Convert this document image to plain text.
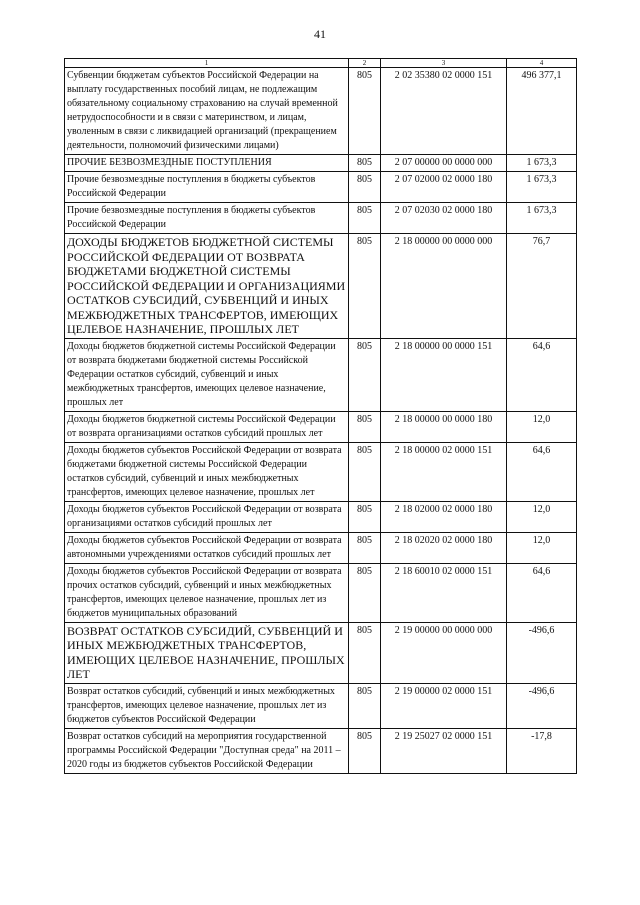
41
1	2	3	4
Субвенции бюджетам субъектов Российской Федерации на выплату государственных пособий лицам, не подлежащим обязательному социальному страхованию на случай временной нетрудоспособности и в связи с материнством, и лицам, уволенным в связи с ликвидацией организаций (прекращением деятельности, полномочий физическими лицами)	805	2 02 35380 02 0000 151	496 377,1
ПРОЧИЕ БЕЗВОЗМЕЗДНЫЕ ПОСТУПЛЕНИЯ	805	2 07 00000 00 0000 000	1 673,3
Прочие безвозмездные поступления в бюджеты субъектов Российской Федерации	805	2 07 02000 02 0000 180	1 673,3
Прочие безвозмездные поступления в бюджеты субъектов Российской Федерации	805	2 07 02030 02 0000 180	1 673,3
ДОХОДЫ БЮДЖЕТОВ БЮДЖЕТНОЙ СИСТЕМЫ РОССИЙСКОЙ ФЕДЕРАЦИИ ОТ ВОЗВРАТА БЮДЖЕТАМИ БЮДЖЕТНОЙ СИСТЕМЫ РОССИЙСКОЙ ФЕДЕРАЦИИ И ОРГАНИЗАЦИЯМИ ОСТАТКОВ СУБСИДИЙ, СУБВЕНЦИЙ И ИНЫХ МЕЖБЮДЖЕТНЫХ ТРАНСФЕРТОВ, ИМЕЮЩИХ ЦЕЛЕВОЕ НАЗНАЧЕНИЕ, ПРОШЛЫХ ЛЕТ	805	2 18 00000 00 0000 000	76,7
Доходы бюджетов бюджетной системы Российской Федерации от возврата бюджетами бюджетной системы Российской Федерации остатков субсидий, субвенций и иных межбюджетных трансфертов, имеющих целевое назначение, прошлых лет	805	2 18 00000 00 0000 151	64,6
Доходы бюджетов бюджетной системы Российской Федерации от возврата организациями остатков субсидий прошлых лет	805	2 18 00000 00 0000 180	12,0
Доходы бюджетов субъектов Российской Федерации от возврата бюджетами бюджетной системы Российской Федерации остатков субсидий, субвенций и иных межбюджетных трансфертов, имеющих целевое назначение, прошлых лет	805	2 18 00000 02 0000 151	64,6
Доходы бюджетов субъектов Российской Федерации от возврата организациями остатков субсидий прошлых лет	805	2 18 02000 02 0000 180	12,0
Доходы бюджетов субъектов Российской Федерации от возврата автономными учреждениями остатков субсидий прошлых лет	805	2 18 02020 02 0000 180	12,0
Доходы бюджетов субъектов Российской Федерации от возврата прочих остатков субсидий, субвенций и иных межбюджетных трансфертов, имеющих целевое назначение, прошлых лет из бюджетов муниципальных образований	805	2 18 60010 02 0000 151	64,6
ВОЗВРАТ ОСТАТКОВ СУБСИДИЙ, СУБВЕНЦИЙ И ИНЫХ МЕЖБЮДЖЕТНЫХ ТРАНСФЕРТОВ, ИМЕЮЩИХ ЦЕЛЕВОЕ НАЗНАЧЕНИЕ, ПРОШЛЫХ ЛЕТ	805	2 19 00000 00 0000 000	-496,6
Возврат остатков субсидий, субвенций и иных межбюджетных трансфертов, имеющих целевое назначение, прошлых лет из бюджетов субъектов Российской Федерации	805	2 19 00000 02 0000 151	-496,6
Возврат остатков субсидий на мероприятия государственной программы Российской Федерации "Доступная среда" на 2011 – 2020 годы из бюджетов субъектов Российской Федерации	805	2 19 25027 02 0000 151	-17,8
